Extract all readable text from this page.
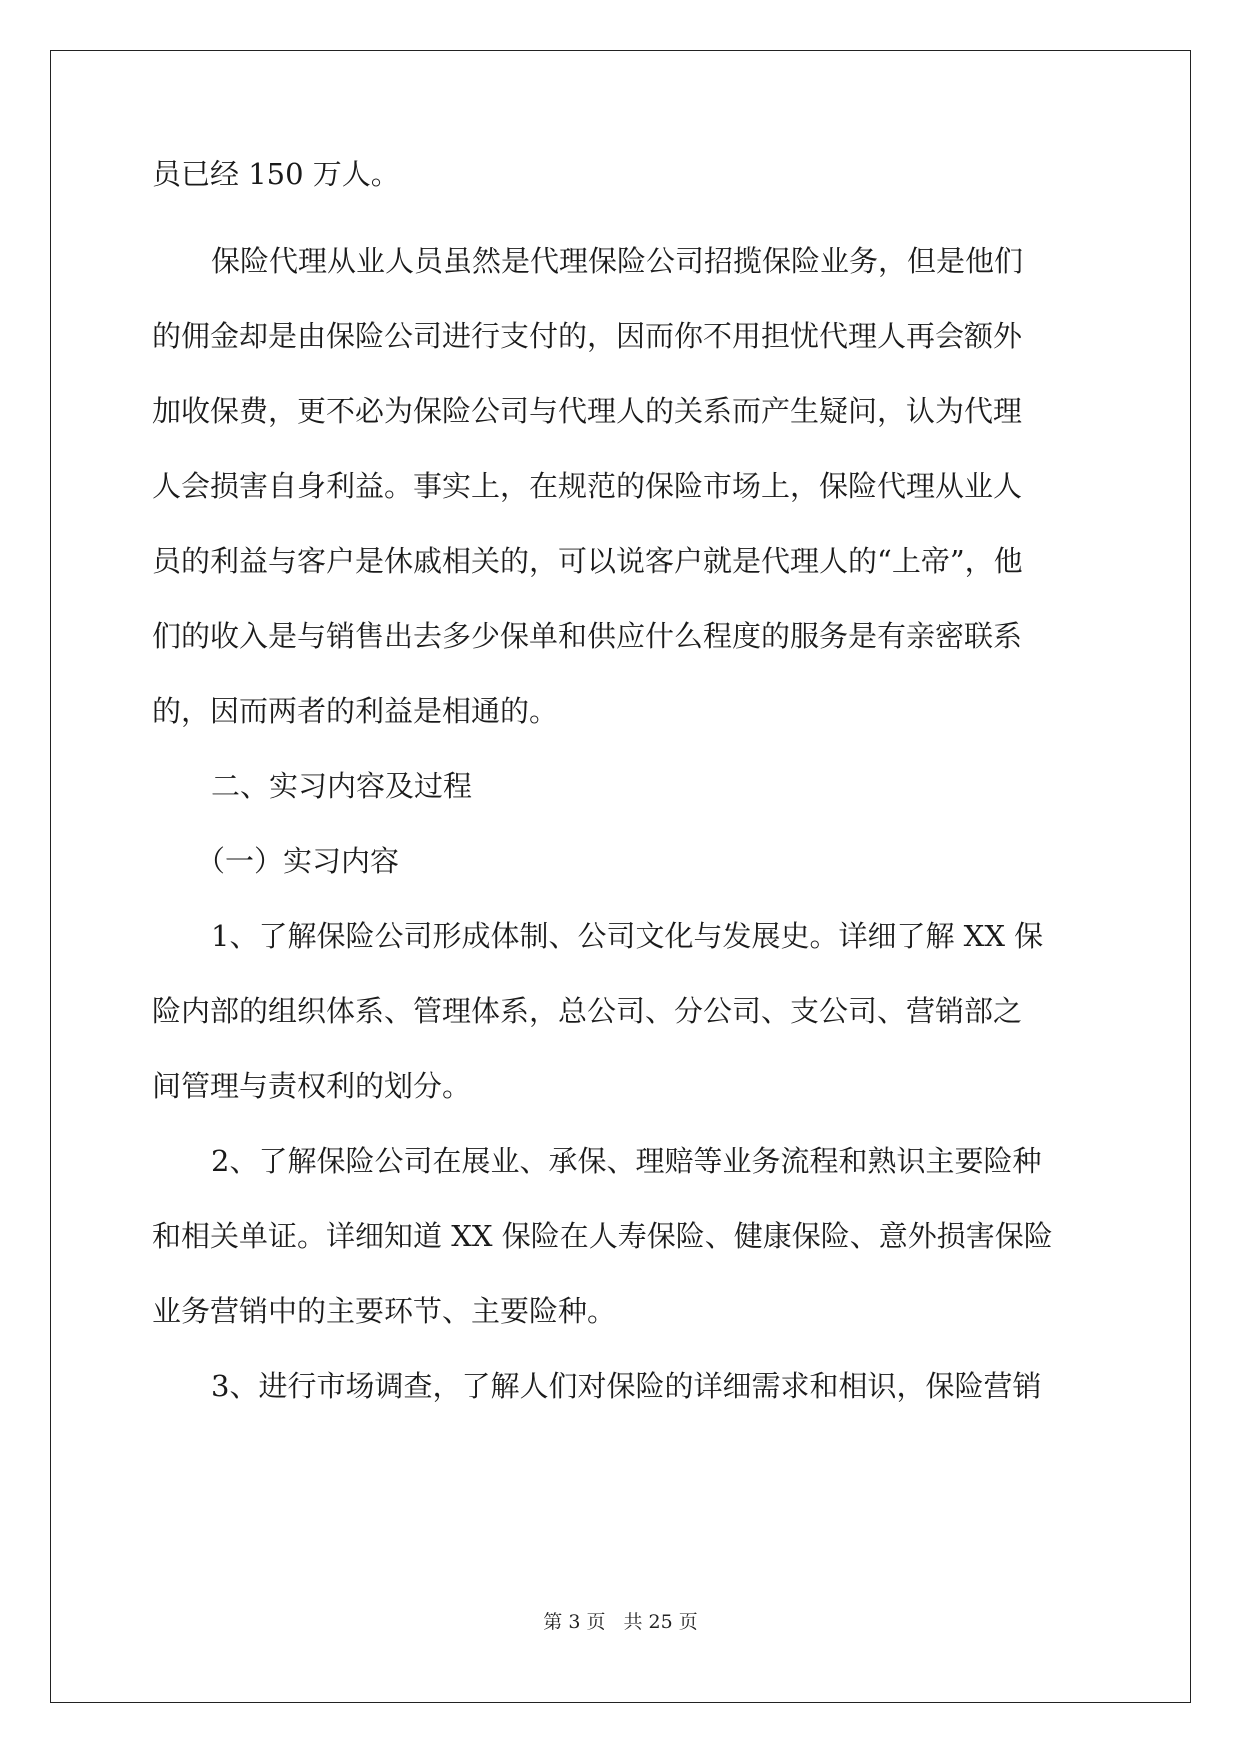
员已经 150 万人。

保险代理从业人员虽然是代理保险公司招揽保险业务，但是他们

的佣金却是由保险公司进行支付的，因而你不用担忧代理人再会额外

加收保费，更不必为保险公司与代理人的关系而产生疑问，认为代理

人会损害自身利益。事实上，在规范的保险市场上，保险代理从业人

员的利益与客户是休戚相关的，可以说客户就是代理人的“上帝”，他

们的收入是与销售出去多少保单和供应什么程度的服务是有亲密联系

的，因而两者的利益是相通的。

二、实习内容及过程

（一）实习内容

1、了解保险公司形成体制、公司文化与发展史。详细了解 XX 保

险内部的组织体系、管理体系，总公司、分公司、支公司、营销部之

间管理与责权利的划分。

2、了解保险公司在展业、承保、理赔等业务流程和熟识主要险种

和相关单证。详细知道 XX 保险在人寿保险、健康保险、意外损害保险

业务营销中的主要环节、主要险种。

3、进行市场调查，了解人们对保险的详细需求和相识，保险营销

第 3 页 共 25 页
